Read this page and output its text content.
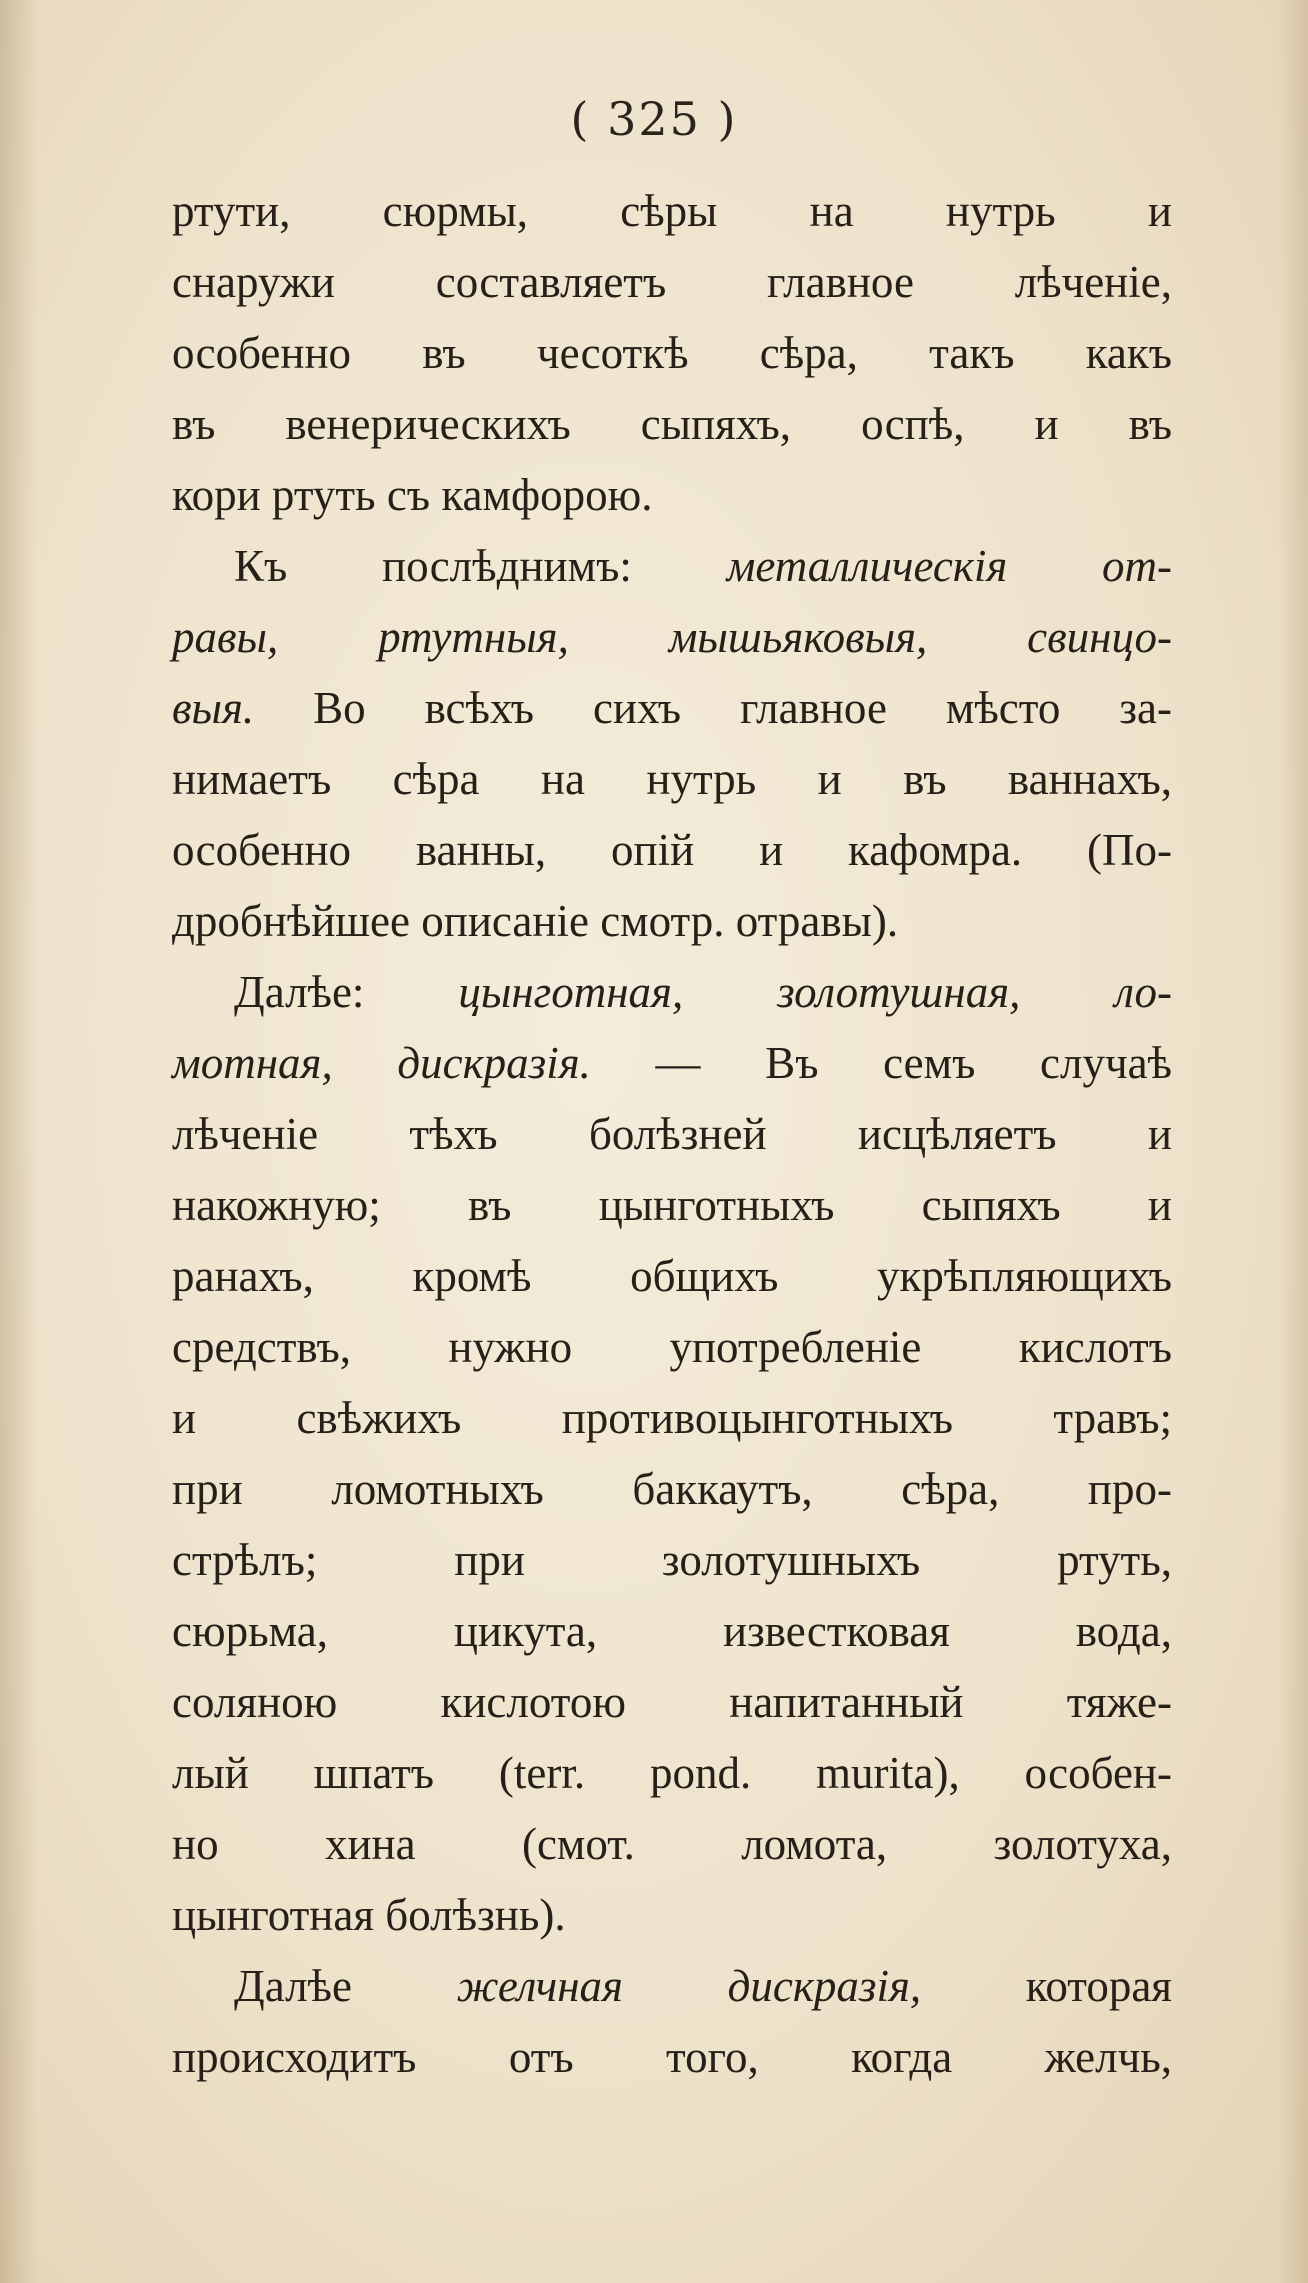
( 325 )
ртути, сюрмы, сѣры на нутрь и
снаружи составляетъ главное лѣченіе,
особенно въ чесоткѣ сѣра, такъ какъ
въ венерическихъ сыпяхъ, оспѣ, и въ
кори ртуть съ камфорою.
Къ послѣднимъ: металлическія от-
равы, ртутныя, мышьяковыя, свинцо-
выя. Во всѣхъ сихъ главное мѣсто за-
нимаетъ сѣра на нутрь и въ ваннахъ,
особенно ванны, опій и кафомра. (По-
дробнѣйшее описаніе смотр. отравы).
Далѣе: цынготная, золотушная, ло-
мотная, дискразія. — Въ семъ случаѣ
лѣченіе тѣхъ болѣзней исцѣляетъ и
накожную; въ цынготныхъ сыпяхъ и
ранахъ, кромѣ общихъ укрѣпляющихъ
средствъ, нужно употребленіе кислотъ
и свѣжихъ противоцынготныхъ травъ;
при ломотныхъ баккаутъ, сѣра, про-
стрѣлъ; при золотушныхъ ртуть,
сюрьма, цикута, известковая вода,
соляною кислотою напитанный тяже-
лый шпатъ (terr. pond. murita), особен-
но хина (смот. ломота, золотуха,
цынготная болѣзнь).
Далѣе желчная дискразія, которая
происходитъ отъ того, когда желчь,
